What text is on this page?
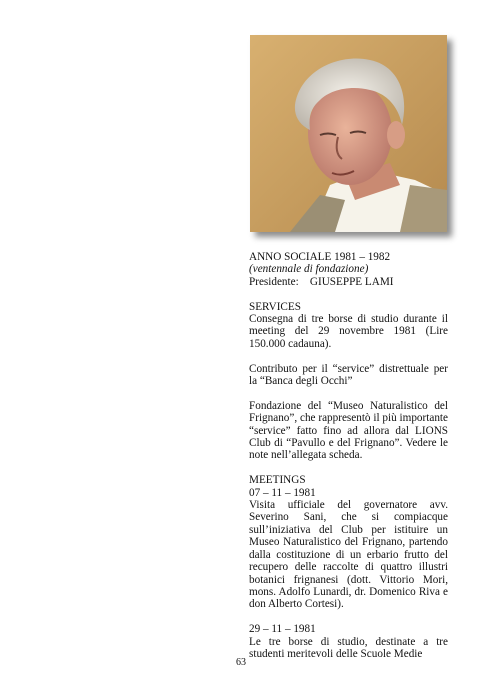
ANNO SOCIALE 1981 – 1982

(ventennale di fondazione)

Presidente: GIUSEPPE LAMI

SERVICES

Consegna di tre borse di studio durante il meeting del 29 novembre 1981 (Lire 150.000 cadauna).

Contributo per il “service” distrettuale per la “Banca degli Occhi”

Fondazione del “Museo Naturalistico del Frignano”, che rappresentò il più importante “service” fatto fino ad allora dal LIONS Club di “Pavullo e del Frignano”. Vedere le note nell’allegata scheda.

MEETINGS

07 – 11 – 1981

Visita ufficiale del governatore avv. Severino Sani, che si compiacque sull’iniziativa del Club per istituire un Museo Naturalistico del Frignano, partendo dalla costituzione di un erbario frutto del recupero delle raccolte di quattro illustri botanici frignanesi (dott. Vittorio Mori, mons. Adolfo Lunardi, dr. Domenico Riva e don Alberto Cortesi).

29 – 11 – 1981

Le tre borse di studio, destinate a tre studenti meritevoli delle Scuole Medie

63
